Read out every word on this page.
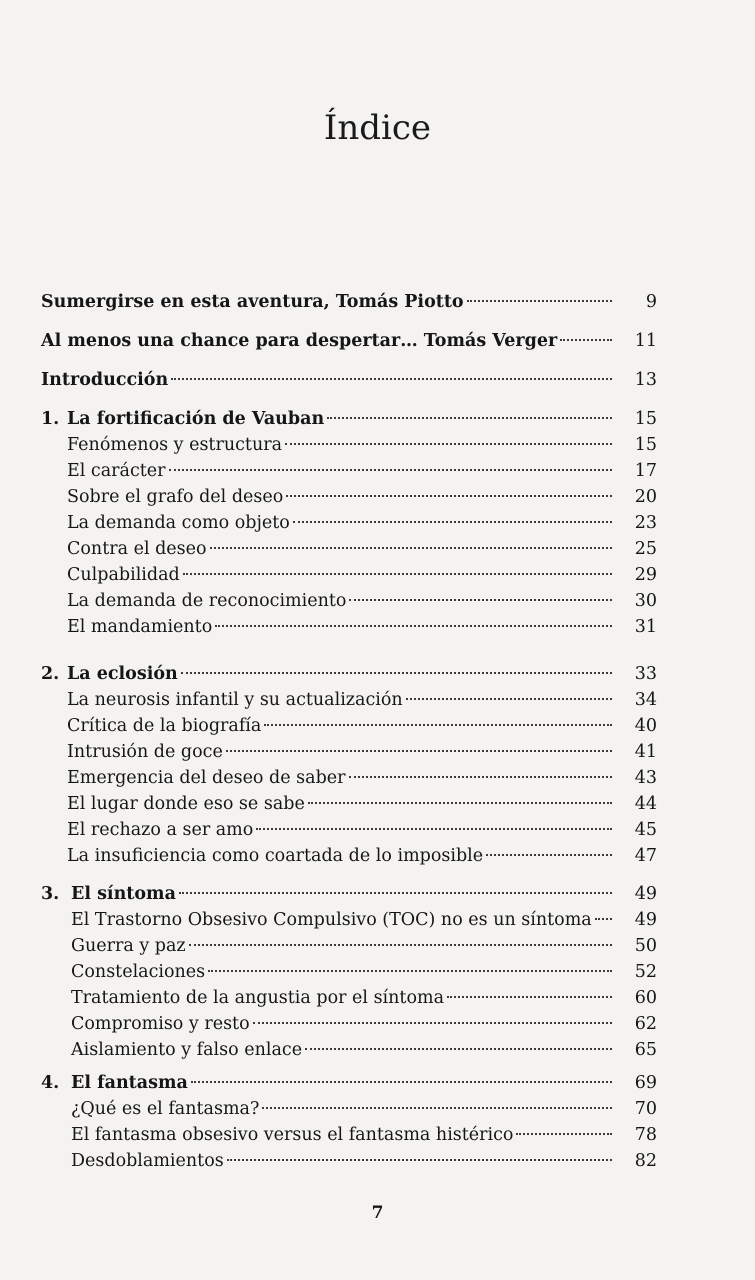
Índice
Sumergirse en esta aventura, Tomás Piotto	9
Al menos una chance para despertar… Tomás Verger	11
Introducción	13
1. La fortificación de Vauban	15
Fenómenos y estructura	15
El carácter	17
Sobre el grafo del deseo	20
La demanda como objeto	23
Contra el deseo	25
Culpabilidad	29
La demanda de reconocimiento	30
El mandamiento	31
2. La eclosión	33
La neurosis infantil y su actualización	34
Crítica de la biografía	40
Intrusión de goce	41
Emergencia del deseo de saber	43
El lugar donde eso se sabe	44
El rechazo a ser amo	45
La insuficiencia como coartada de lo imposible	47
3. El síntoma	49
El Trastorno Obsesivo Compulsivo (TOC) no es un síntoma	49
Guerra y paz	50
Constelaciones	52
Tratamiento de la angustia por el síntoma	60
Compromiso y resto	62
Aislamiento y falso enlace	65
4. El fantasma	69
¿Qué es el fantasma?	70
El fantasma obsesivo versus el fantasma histérico	78
Desdoblamientos	82
7
